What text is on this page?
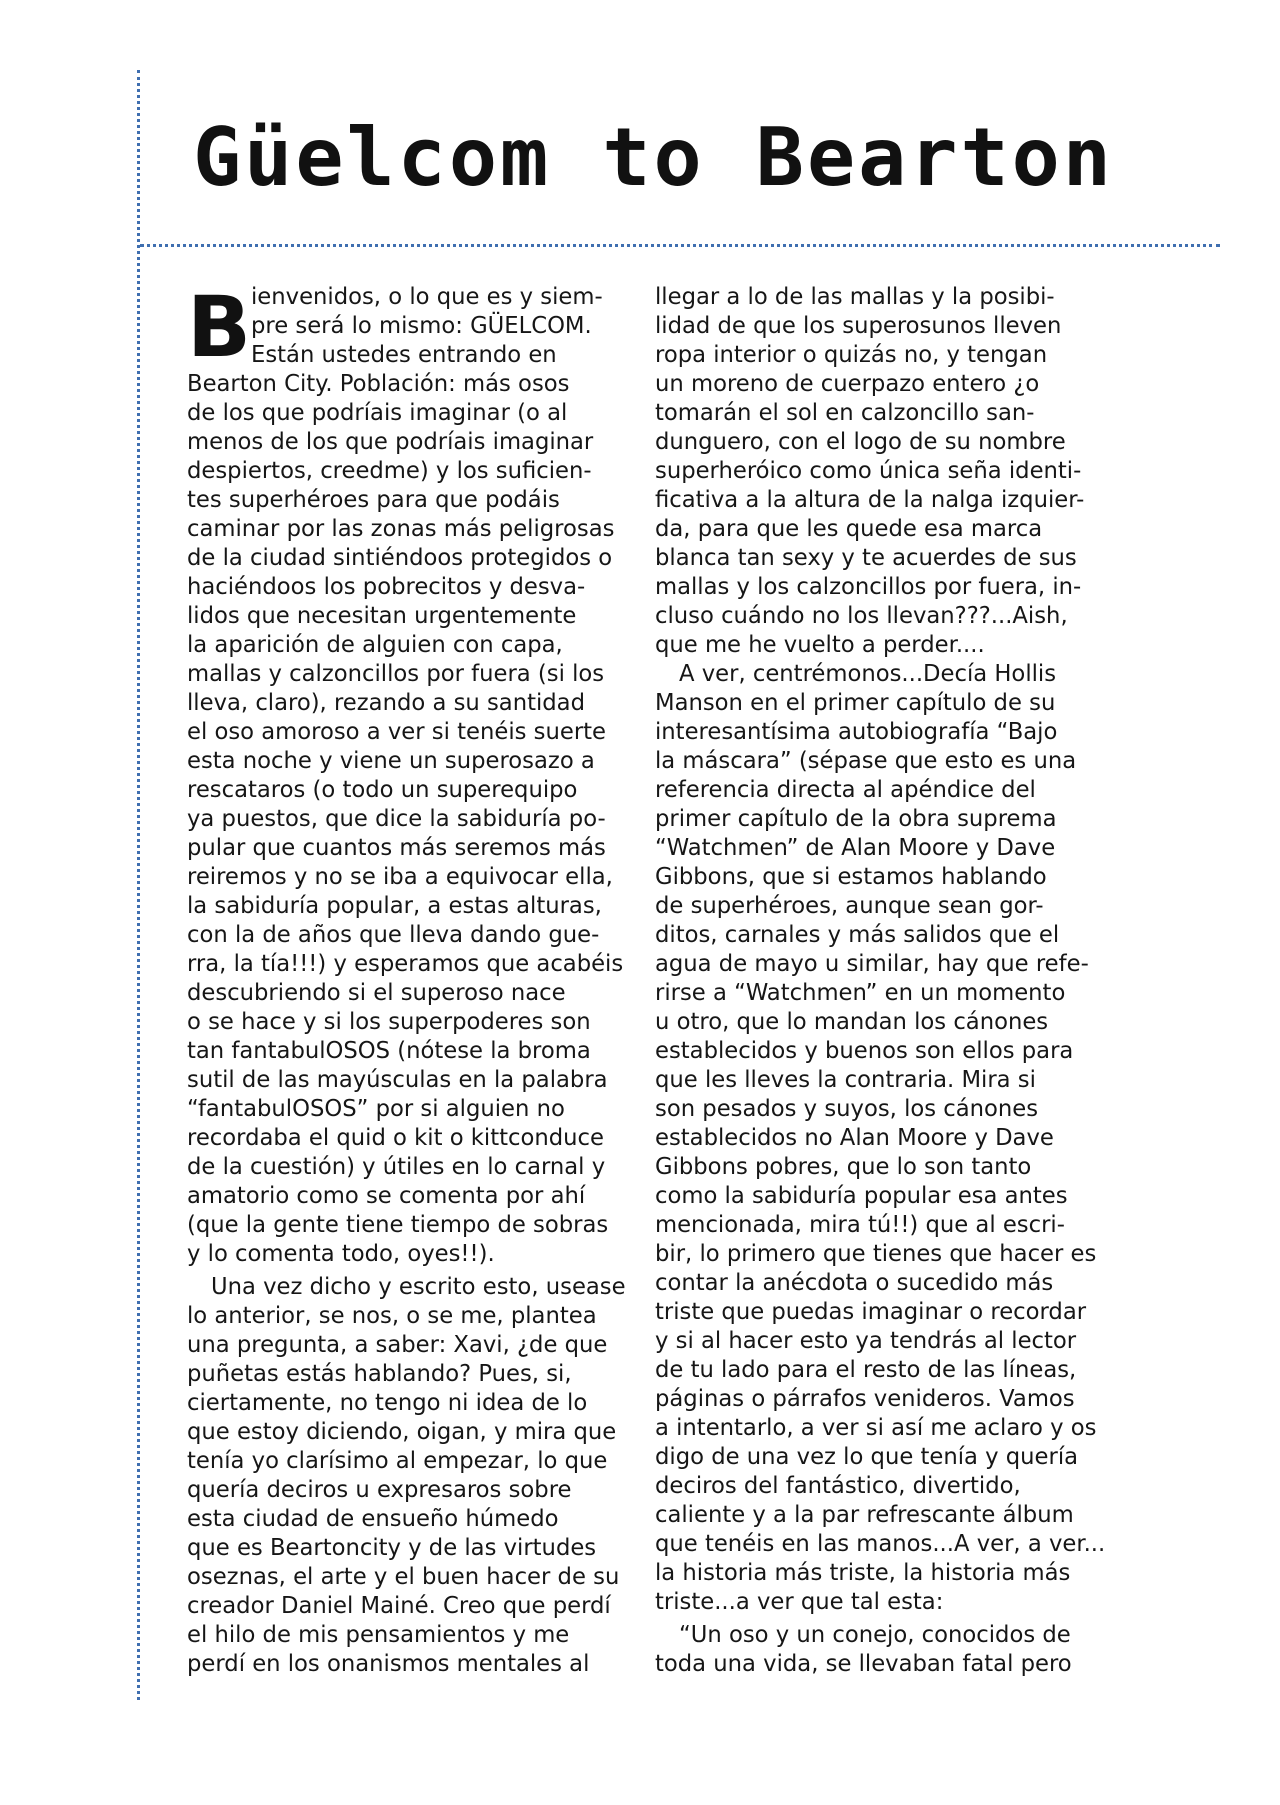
Güelcom to Bearton
B ienvenidos, o lo que es y siem-
pre será lo mismo: GÜELCOM.
Están ustedes entrando en
Bearton City. Población: más osos
de los que podríais imaginar (o al
menos de los que podríais imaginar
despiertos, creedme) y los suficien-
tes superhéroes para que podáis
caminar por las zonas más peligrosas
de la ciudad sintiéndoos protegidos o
haciéndoos los pobrecitos y desva-
lidos que necesitan urgentemente
la aparición de alguien con capa,
mallas y calzoncillos por fuera (si los
lleva, claro), rezando a su santidad
el oso amoroso a ver si tenéis suerte
esta noche y viene un superosazo a
rescataros (o todo un superequipo
ya puestos, que dice la sabiduría po-
pular que cuantos más seremos más
reiremos y no se iba a equivocar ella,
la sabiduría popular, a estas alturas,
con la de años que lleva dando gue-
rra, la tía!!!) y esperamos que acabéis
descubriendo si el superoso nace
o se hace y si los superpoderes son
tan fantabulOSOS (nótese la broma
sutil de las mayúsculas en la palabra
“fantabulOSOS” por si alguien no
recordaba el quid o kit o kittconduce
de la cuestión) y útiles en lo carnal y
amatorio como se comenta por ahí
(que la gente tiene tiempo de sobras
y lo comenta todo, oyes!!).
Una vez dicho y escrito esto, usease
lo anterior, se nos, o se me, plantea
una pregunta, a saber: Xavi, ¿de que
puñetas estás hablando? Pues, si,
ciertamente, no tengo ni idea de lo
que estoy diciendo, oigan, y mira que
tenía yo clarísimo al empezar, lo que
quería deciros u expresaros sobre
esta ciudad de ensueño húmedo
que es Beartoncity y de las virtudes
oseznas, el arte y el buen hacer de su
creador Daniel Mainé. Creo que perdí
el hilo de mis pensamientos y me
perdí en los onanismos mentales al
llegar a lo de las mallas y la posibi-
lidad de que los superosunos lleven
ropa interior o quizás no, y tengan
un moreno de cuerpazo entero ¿o
tomarán el sol en calzoncillo san-
dunguero, con el logo de su nombre
superheróico como única seña identi-
ficativa a la altura de la nalga izquier-
da, para que les quede esa marca
blanca tan sexy y te acuerdes de sus
mallas y los calzoncillos por fuera, in-
cluso cuándo no los llevan???...Aish,
que me he vuelto a perder....
A ver, centrémonos...Decía Hollis
Manson en el primer capítulo de su
interesantísima autobiografía “Bajo
la máscara” (sépase que esto es una
referencia directa al apéndice del
primer capítulo de la obra suprema
“Watchmen” de Alan Moore y Dave
Gibbons, que si estamos hablando
de superhéroes, aunque sean gor-
ditos, carnales y más salidos que el
agua de mayo u similar, hay que refe-
rirse a “Watchmen” en un momento
u otro, que lo mandan los cánones
establecidos y buenos son ellos para
que les lleves la contraria. Mira si
son pesados y suyos, los cánones
establecidos no Alan Moore y Dave
Gibbons pobres, que lo son tanto
como la sabiduría popular esa antes
mencionada, mira tú!!) que al escri-
bir, lo primero que tienes que hacer es
contar la anécdota o sucedido más
triste que puedas imaginar o recordar
y si al hacer esto ya tendrás al lector
de tu lado para el resto de las líneas,
páginas o párrafos venideros. Vamos
a intentarlo, a ver si así me aclaro y os
digo de una vez lo que tenía y quería
deciros del fantástico, divertido,
caliente y a la par refrescante álbum
que tenéis en las manos...A ver, a ver...
la historia más triste, la historia más
triste...a ver que tal esta:
“Un oso y un conejo, conocidos de
toda una vida, se llevaban fatal pero
